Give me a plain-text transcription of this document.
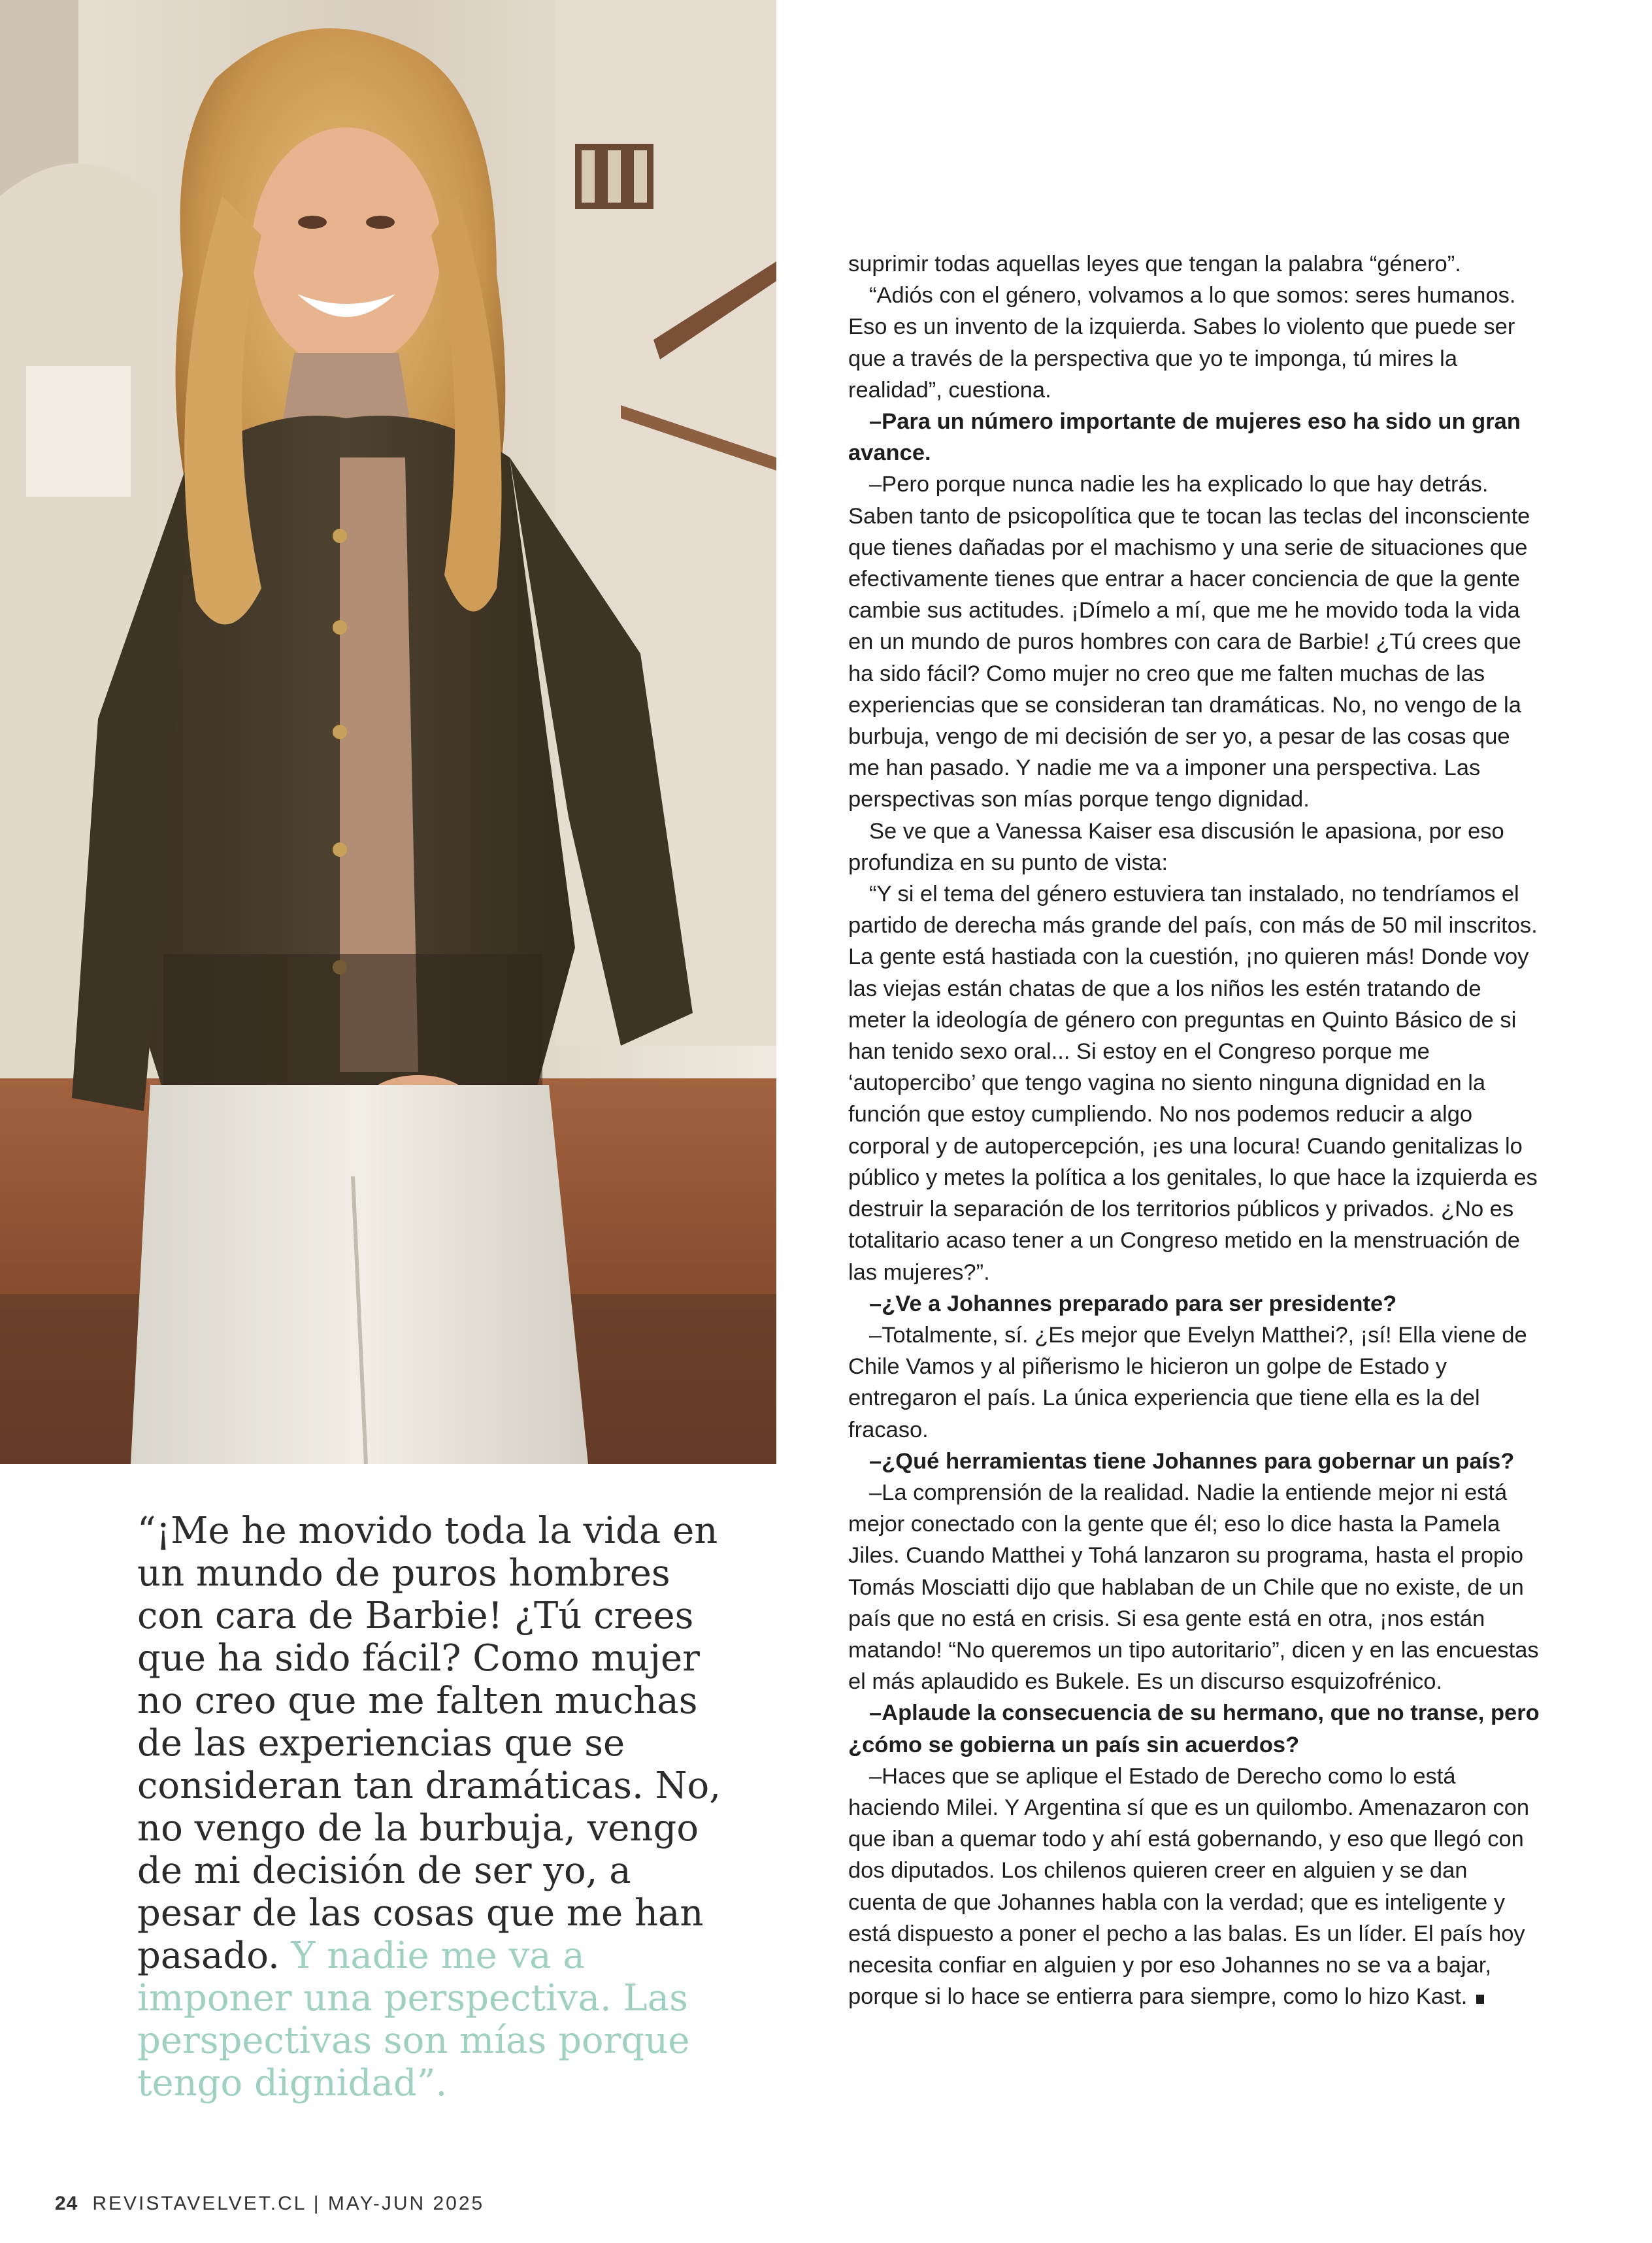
“¡Me he movido toda la vida en un mundo de puros hombres con cara de Barbie! ¿Tú crees que ha sido fácil? Como mujer no creo que me falten muchas de las experiencias que se consideran tan dramáticas. No, no vengo de la burbuja, vengo de mi decisión de ser yo, a pesar de las cosas que me han pasado. Y nadie me va a imponer una perspectiva. Las perspectivas son mías porque tengo dignidad”.

suprimir todas aquellas leyes que tengan la palabra “género”.

“Adiós con el género, volvamos a lo que somos: seres humanos. Eso es un invento de la izquierda. Sabes lo violento que puede ser que a través de la perspectiva que yo te imponga, tú mires la realidad”, cuestiona.

–Para un número importante de mujeres eso ha sido un gran avance.

–Pero porque nunca nadie les ha explicado lo que hay detrás. Saben tanto de psicopolítica que te tocan las teclas del inconsciente que tienes dañadas por el machismo y una serie de situaciones que efectivamente tienes que entrar a hacer conciencia de que la gente cambie sus actitudes. ¡Dímelo a mí, que me he movido toda la vida en un mundo de puros hombres con cara de Barbie! ¿Tú crees que ha sido fácil? Como mujer no creo que me falten muchas de las experiencias que se consideran tan dramáticas. No, no vengo de la burbuja, vengo de mi decisión de ser yo, a pesar de las cosas que me han pasado. Y nadie me va a imponer una perspectiva. Las perspectivas son mías porque tengo dignidad.

Se ve que a Vanessa Kaiser esa discusión le apasiona, por eso profundiza en su punto de vista:

“Y si el tema del género estuviera tan instalado, no tendríamos el partido de derecha más grande del país, con más de 50 mil inscritos. La gente está hastiada con la cuestión, ¡no quieren más! Donde voy las viejas están chatas de que a los niños les estén tratando de meter la ideología de género con preguntas en Quinto Básico de si han tenido sexo oral... Si estoy en el Congreso porque me ‘autopercibo’ que tengo vagina no siento ninguna dignidad en la función que estoy cumpliendo. No nos podemos reducir a algo corporal y de autopercepción, ¡es una locura! Cuando genitalizas lo público y metes la política a los genitales, lo que hace la izquierda es destruir la separación de los territorios públicos y privados. ¿No es totalitario acaso tener a un Congreso metido en la menstruación de las mujeres?”.

–¿Ve a Johannes preparado para ser presidente?

–Totalmente, sí. ¿Es mejor que Evelyn Matthei?, ¡sí! Ella viene de Chile Vamos y al piñerismo le hicieron un golpe de Estado y entregaron el país. La única experiencia que tiene ella es la del fracaso.

–¿Qué herramientas tiene Johannes para gobernar un país?

–La comprensión de la realidad. Nadie la entiende mejor ni está mejor conectado con la gente que él; eso lo dice hasta la Pamela Jiles. Cuando Matthei y Tohá lanzaron su programa, hasta el propio Tomás Mosciatti dijo que hablaban de un Chile que no existe, de un país que no está en crisis. Si esa gente está en otra, ¡nos están matando! “No queremos un tipo autoritario”, dicen y en las encuestas el más aplaudido es Bukele. Es un discurso esquizofrénico.

–Aplaude la consecuencia de su hermano, que no transe, pero ¿cómo se gobierna un país sin acuerdos?

–Haces que se aplique el Estado de Derecho como lo está haciendo Milei. Y Argentina sí que es un quilombo. Amenazaron con que iban a quemar todo y ahí está gobernando, y eso que llegó con dos diputados. Los chilenos quieren creer en alguien y se dan cuenta de que Johannes habla con la verdad; que es inteligente y está dispuesto a poner el pecho a las balas. Es un líder. El país hoy necesita confiar en alguien y por eso Johannes no se va a bajar, porque si lo hace se entierra para siempre, como lo hizo Kast.

24 REVISTAVELVET.CL | MAY-JUN 2025
